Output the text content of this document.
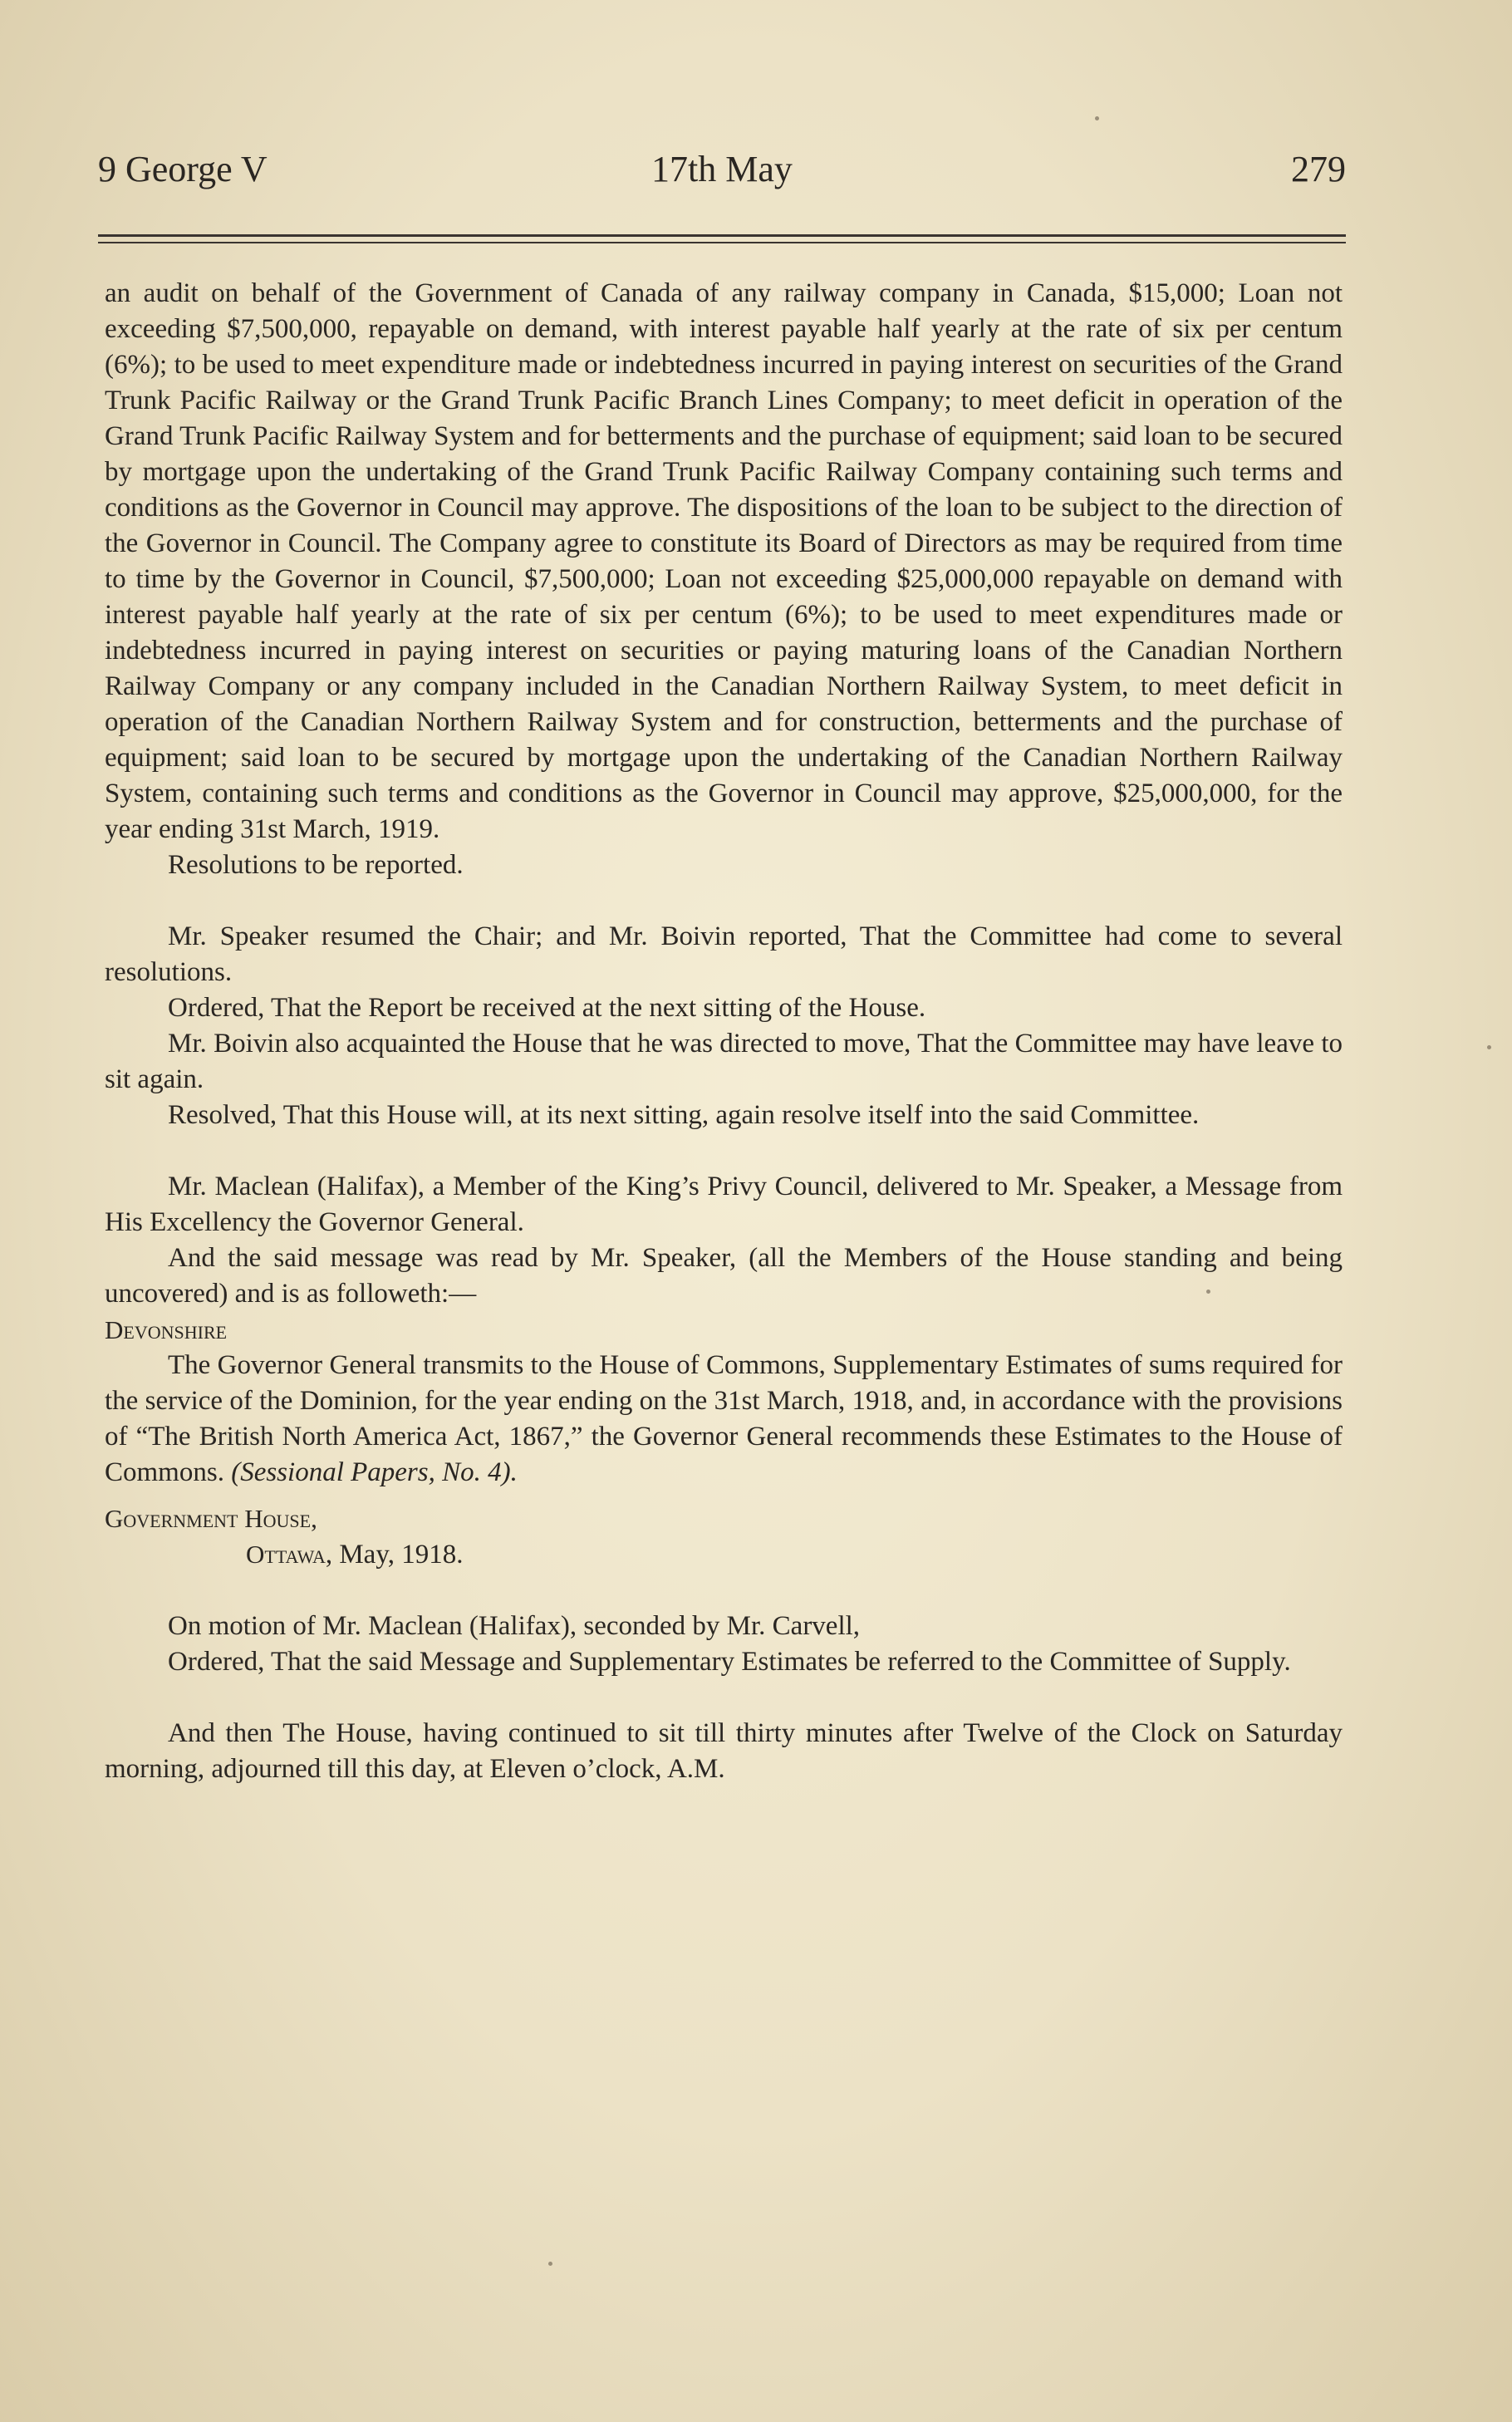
9 George V	17th May	279

an audit on behalf of the Government of Canada of any railway company in Canada, $15,000; Loan not exceeding $7,500,000, repayable on demand, with interest payable half yearly at the rate of six per centum (6%); to be used to meet expenditure made or indebtedness incurred in paying interest on securities of the Grand Trunk Pacific Railway or the Grand Trunk Pacific Branch Lines Company; to meet deficit in operation of the Grand Trunk Pacific Railway System and for betterments and the purchase of equipment; said loan to be secured by mortgage upon the undertaking of the Grand Trunk Pacific Railway Company containing such terms and conditions as the Governor in Council may approve. The dispositions of the loan to be subject to the direction of the Governor in Council. The Company agree to constitute its Board of Directors as may be required from time to time by the Governor in Council, $7,500,000; Loan not exceeding $25,000,000 repayable on demand with interest payable half yearly at the rate of six per centum (6%); to be used to meet expenditures made or indebtedness incurred in paying interest on securities or paying maturing loans of the Canadian Northern Railway Company or any company included in the Canadian Northern Railway System, to meet deficit in operation of the Canadian Northern Railway System and for construction, betterments and the purchase of equipment; said loan to be secured by mortgage upon the undertaking of the Canadian Northern Railway System, containing such terms and conditions as the Governor in Council may approve, $25,000,000, for the year ending 31st March, 1919.

Resolutions to be reported.

Mr. Speaker resumed the Chair; and Mr. Boivin reported, That the Committee had come to several resolutions.

Ordered, That the Report be received at the next sitting of the House.

Mr. Boivin also acquainted the House that he was directed to move, That the Committee may have leave to sit again.

Resolved, That this House will, at its next sitting, again resolve itself into the said Committee.

Mr. Maclean (Halifax), a Member of the King’s Privy Council, delivered to Mr. Speaker, a Message from His Excellency the Governor General.

And the said message was read by Mr. Speaker, (all the Members of the House standing and being uncovered) and is as followeth:—

Devonshire

The Governor General transmits to the House of Commons, Supplementary Estimates of sums required for the service of the Dominion, for the year ending on the 31st March, 1918, and, in accordance with the provisions of “The British North America Act, 1867,” the Governor General recommends these Estimates to the House of Commons. (Sessional Papers, No. 4).

Government House,

Ottawa, May, 1918.

On motion of Mr. Maclean (Halifax), seconded by Mr. Carvell,

Ordered, That the said Message and Supplementary Estimates be referred to the Committee of Supply.

And then The House, having continued to sit till thirty minutes after Twelve of the Clock on Saturday morning, adjourned till this day, at Eleven o’clock, A.M.
